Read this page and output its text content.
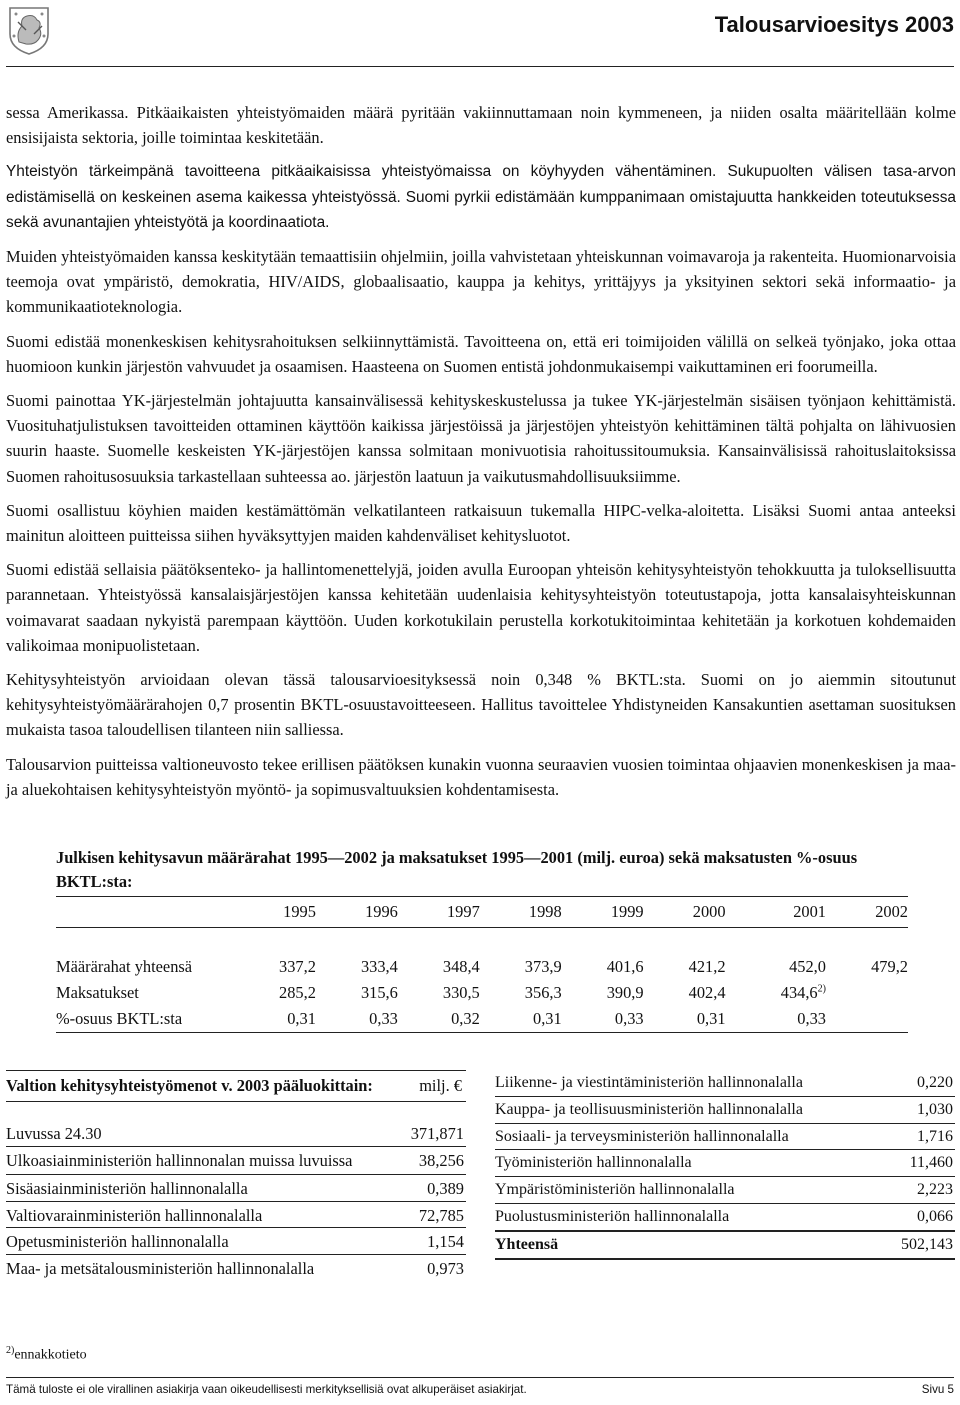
Talousarvioesitys 2003

sessa Amerikassa. Pitkäaikaisten yhteistyömaiden määrä pyritään vakiinnuttamaan noin kymmeneen, ja niiden osalta määritellään kolme ensisijaista sektoria, joille toimintaa keskitetään.

Yhteistyön tärkeimpänä tavoitteena pitkäaikaisissa yhteistyömaissa on köyhyyden vähentäminen. Sukupuolten välisen tasa-arvon edistämisellä on keskeinen asema kaikessa yhteistyössä. Suomi pyrkii edistämään kumppanimaan omistajuutta hankkeiden toteutuksessa sekä avunantajien yhteistyötä ja koordinaatiota.

Muiden yhteistyömaiden kanssa keskitytään temaattisiin ohjelmiin, joilla vahvistetaan yhteiskunnan voimavaroja ja rakenteita. Huomionarvoisia teemoja ovat ympäristö, demokratia, HIV/AIDS, globaalisaatio, kauppa ja kehitys, yrittäjyys ja yksityinen sektori sekä informaatio- ja kommunikaatioteknologia.

Suomi edistää monenkeskisen kehitysrahoituksen selkiinnyttämistä. Tavoitteena on, että eri toimijoiden välillä on selkeä työnjako, joka ottaa huomioon kunkin järjestön vahvuudet ja osaamisen. Haasteena on Suomen entistä johdonmukaisempi vaikuttaminen eri foorumeilla.

Suomi painottaa YK-järjestelmän johtajuutta kansainvälisessä kehityskeskustelussa ja tukee YK-järjestelmän sisäisen työnjaon kehittämistä. Vuosituhatjulistuksen tavoitteiden ottaminen käyttöön kaikissa järjestöissä ja järjestöjen yhteistyön kehittäminen tältä pohjalta on lähivuosien suurin haaste. Suomelle keskeisten YK-järjestöjen kanssa solmitaan monivuotisia rahoitussitoumuksia. Kansainvälisissä rahoituslaitoksissa Suomen rahoitusosuuksia tarkastellaan suhteessa ao. järjestön laatuun ja vaikutusmahdollisuuksiimme.

Suomi osallistuu köyhien maiden kestämättömän velkatilanteen ratkaisuun tukemalla HIPC-velka-aloitetta. Lisäksi Suomi antaa anteeksi mainitun aloitteen puitteissa siihen hyväksyttyjen maiden kahdenväliset kehitysluotot.

Suomi edistää sellaisia päätöksenteko- ja hallintomenettelyjä, joiden avulla Euroopan yhteisön kehitysyhteistyön tehokkuutta ja tuloksellisuutta parannetaan. Yhteistyössä kansalaisjärjestöjen kanssa kehitetään uudenlaisia kehitysyhteistyön toteutustapoja, jotta kansalaisyhteiskunnan voimavarat saadaan nykyistä parempaan käyttöön. Uuden korkotukilain perustella korkotukitoimintaa kehitetään ja korkotuen kohdemaiden valikoimaa monipuolistetaan.

Kehitysyhteistyön arvioidaan olevan tässä talousarvioesityksessä noin 0,348 % BKTL:sta. Suomi on jo aiemmin sitoutunut kehitysyhteistyömäärärahojen 0,7 prosentin BKTL-osuustavoitteeseen. Hallitus tavoittelee Yhdistyneiden Kansakuntien asettaman suosituksen mukaista tasoa taloudellisen tilanteen niin salliessa.

Talousarvion puitteissa valtioneuvosto tekee erillisen päätöksen kunakin vuonna seuraavien vuosien toimintaa ohjaavien monenkeskisen ja maa- ja aluekohtaisen kehitysyhteistyön myöntö- ja sopimusvaltuuksien kohdentamisesta.

Julkisen kehitysavun määrärahat 1995—2002 ja maksatukset 1995—2001 (milj. euroa) sekä maksatusten %-osuus BKTL:sta:
	1995	1996	1997	1998	1999	2000	2001	2002

Määrärahat yhteensä	337,2	333,4	348,4	373,9	401,6	421,2	452,0	479,2
Maksatukset	285,2	315,6	330,5	356,3	390,9	402,4	434,6$^{2)}$	
%-osuus BKTL:sta	0,31	0,33	0,32	0,31	0,33	0,31	0,33	
Valtion kehitysyhteistyömenot v. 2003 pääluokittain:	milj. €
Luvussa 24.30	371,871
Ulkoasiainministeriön hallinnonalan muissa luvuissa	38,256
Sisäasiainministeriön hallinnonalalla	0,389
Valtiovarainministeriön hallinnonalalla	72,785
Opetusministeriön hallinnonalalla	1,154
Maa- ja metsätalousministeriön hallinnonalalla	0,973
Liikenne- ja viestintäministeriön hallinnonalalla	0,220
Kauppa- ja teollisuusministeriön hallinnonalalla	1,030
Sosiaali- ja terveysministeriön hallinnonalalla	1,716
Työministeriön hallinnonalalla	11,460
Ympäristöministeriön hallinnonalalla	2,223
Puolustusministeriön hallinnonalalla	0,066
Yhteensä	502,143
$^{2)}$ennakkotieto
Tämä tuloste ei ole virallinen asiakirja vaan oikeudellisesti merkityksellisiä ovat alkuperäiset asiakirjat.	Sivu 5
